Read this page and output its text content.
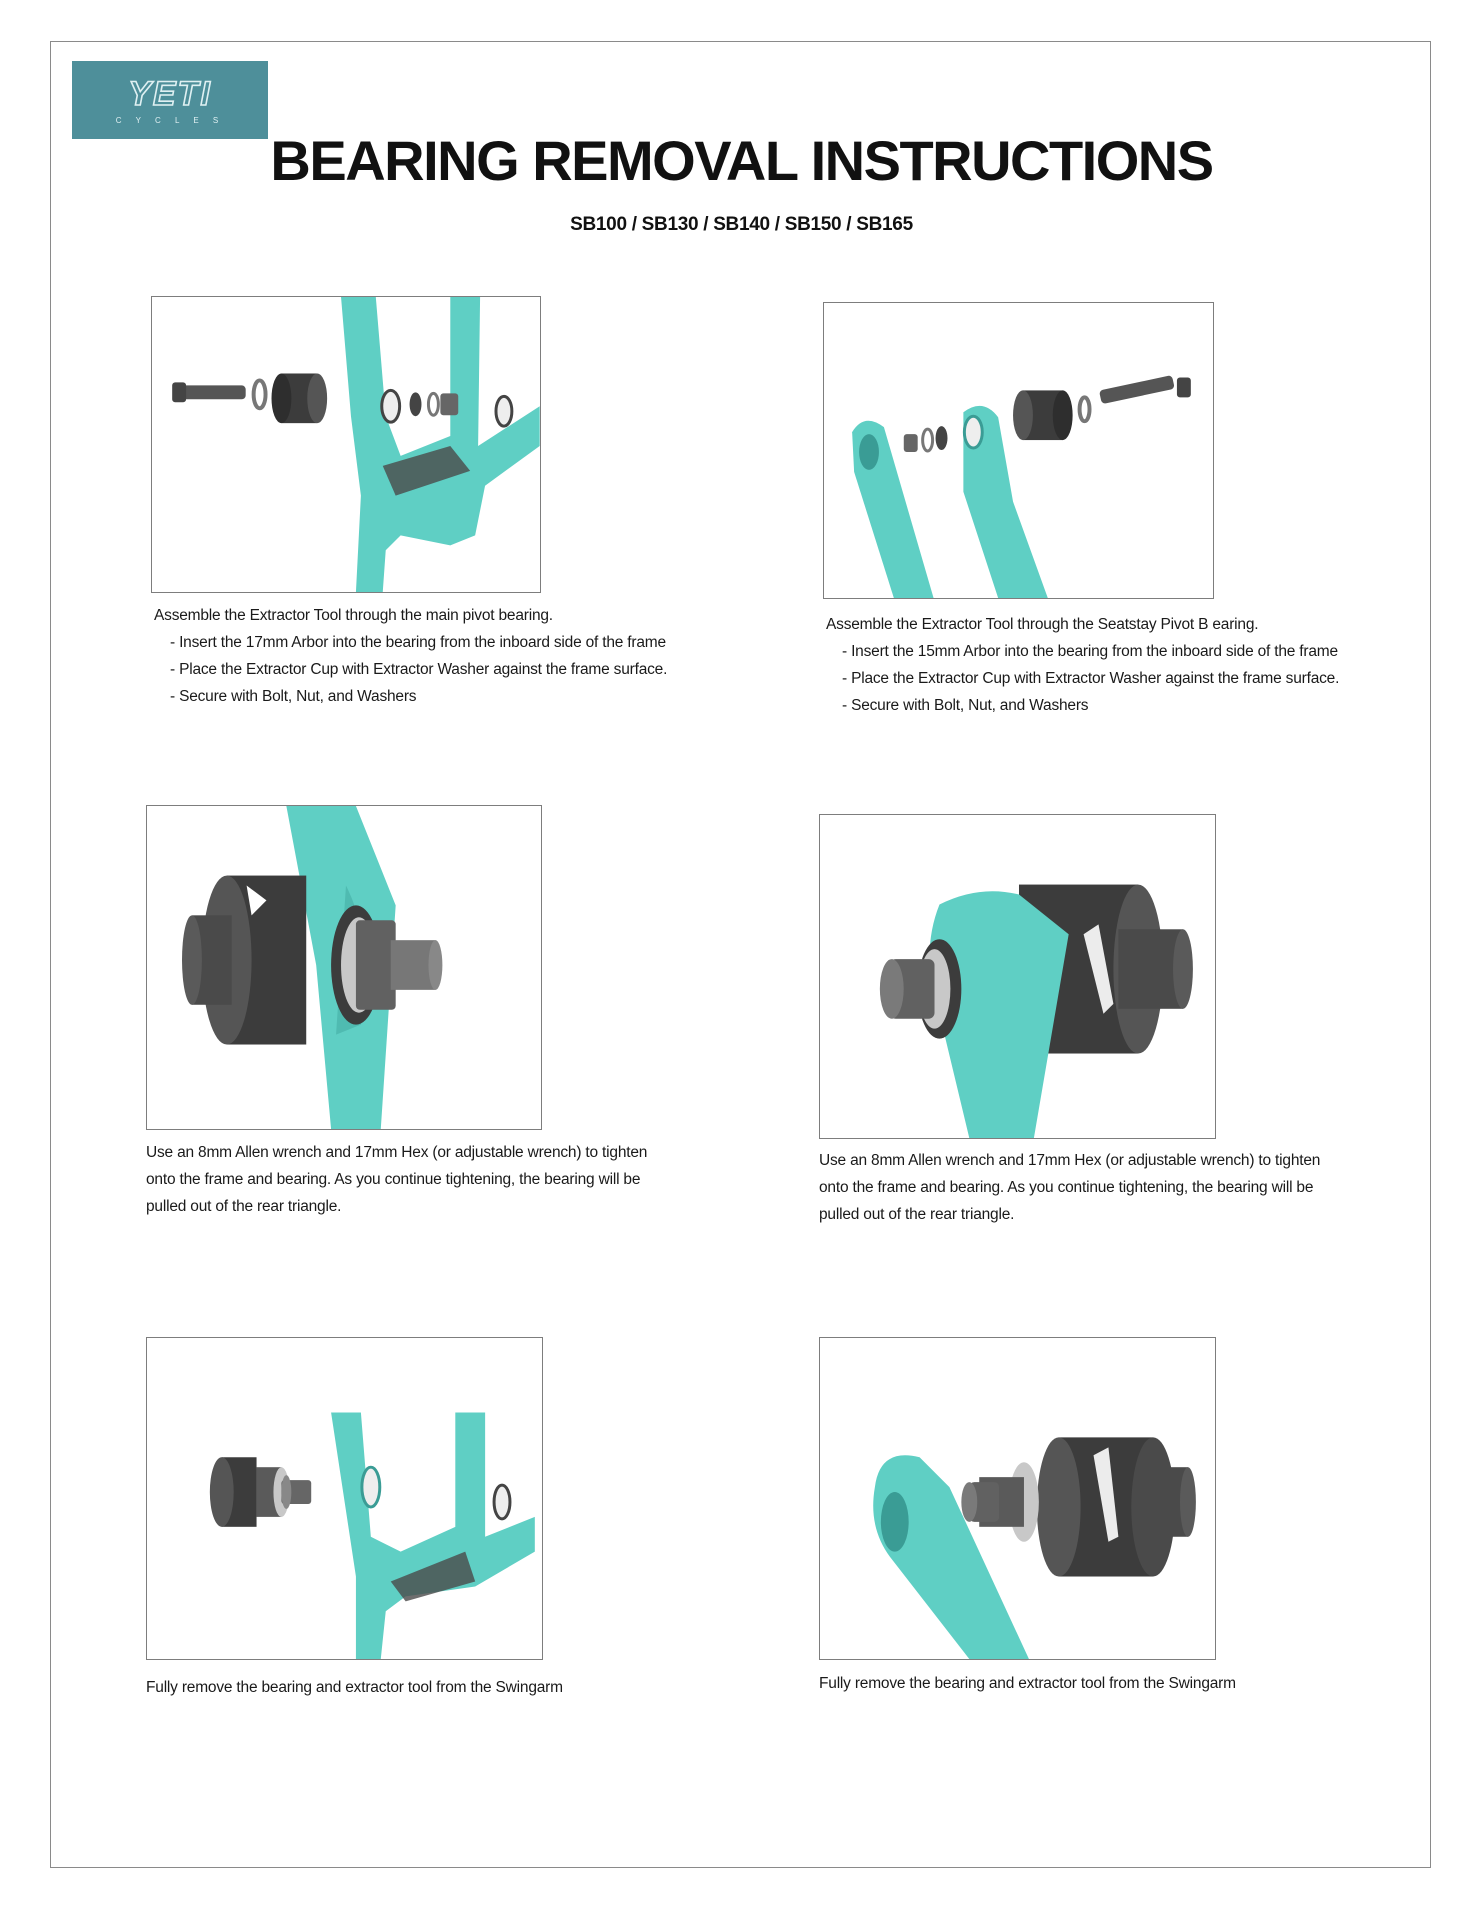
YETI
C Y C L E S
BEARING REMOVAL INSTRUCTIONS

SB100 / SB130 / SB140 / SB150 / SB165

Assemble the Extractor Tool through the main pivot bearing.

- Insert the 17mm Arbor into the bearing from the inboard side of the frame

- Place the Extractor Cup with Extractor Washer against the frame surface.

- Secure with Bolt, Nut, and Washers

Assemble the Extractor Tool through the Seatstay Pivot B earing.

- Insert the 15mm Arbor into the bearing from the inboard side of the frame

- Place the Extractor Cup with Extractor Washer against the frame surface.

- Secure with Bolt, Nut, and Washers

Use an 8mm Allen wrench and 17mm Hex (or adjustable wrench) to tighten

onto the frame and bearing. As you continue tightening, the bearing will be

pulled out of the rear triangle.

Use an 8mm Allen wrench and 17mm Hex (or adjustable wrench) to tighten

onto the frame and bearing. As you continue tightening, the bearing will be

pulled out of the rear triangle.

Fully remove the bearing and extractor tool from the Swingarm	Fully remove the bearing and extractor tool from the Swingarm
